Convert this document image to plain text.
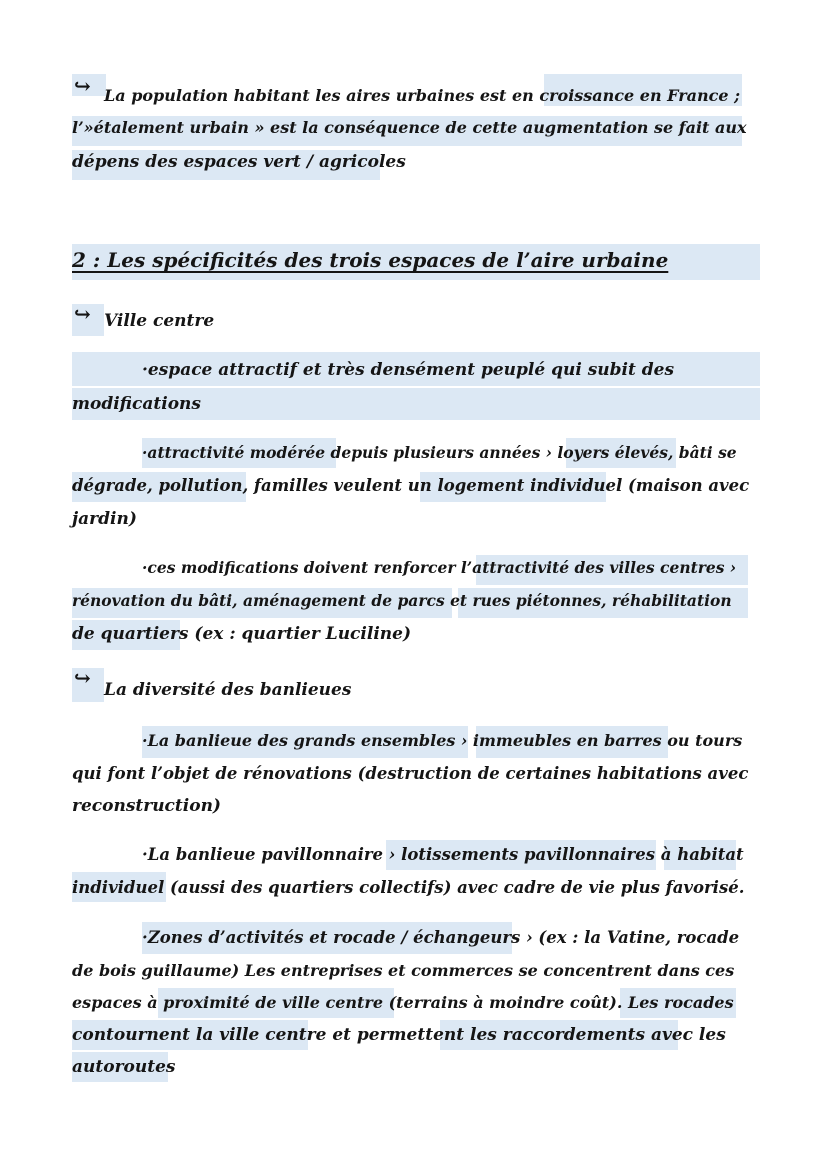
↪ La population habitant les aires urbaines est en croissance en France ;
l’»étalement urbain » est la conséquence de cette augmentation se fait aux
dépens des espaces vert / agricoles
2 : Les spécificités des trois espaces de l’aire urbaine
↪ Ville centre
·espace attractif et très densément peuplé qui subit des
modifications
·attractivité modérée depuis plusieurs années › loyers élevés, bâti se
dégrade, pollution, familles veulent un logement individuel (maison avec
jardin)
·ces modifications doivent renforcer l’attractivité des villes centres ›
rénovation du bâti, aménagement de parcs et rues piétonnes, réhabilitation
de quartiers (ex : quartier Luciline)
↪ La diversité des banlieues
·La banlieue des grands ensembles › immeubles en barres ou tours
qui font l’objet de rénovations (destruction de certaines habitations avec
reconstruction)
·La banlieue pavillonnaire › lotissements pavillonnaires à habitat
individuel (aussi des quartiers collectifs) avec cadre de vie plus favorisé.
·Zones d’activités et rocade / échangeurs › (ex : la Vatine, rocade
de bois guillaume) Les entreprises et commerces se concentrent dans ces
espaces à proximité de ville centre (terrains à moindre coût). Les rocades
contournent la ville centre et permettent les raccordements avec les
autoroutes
